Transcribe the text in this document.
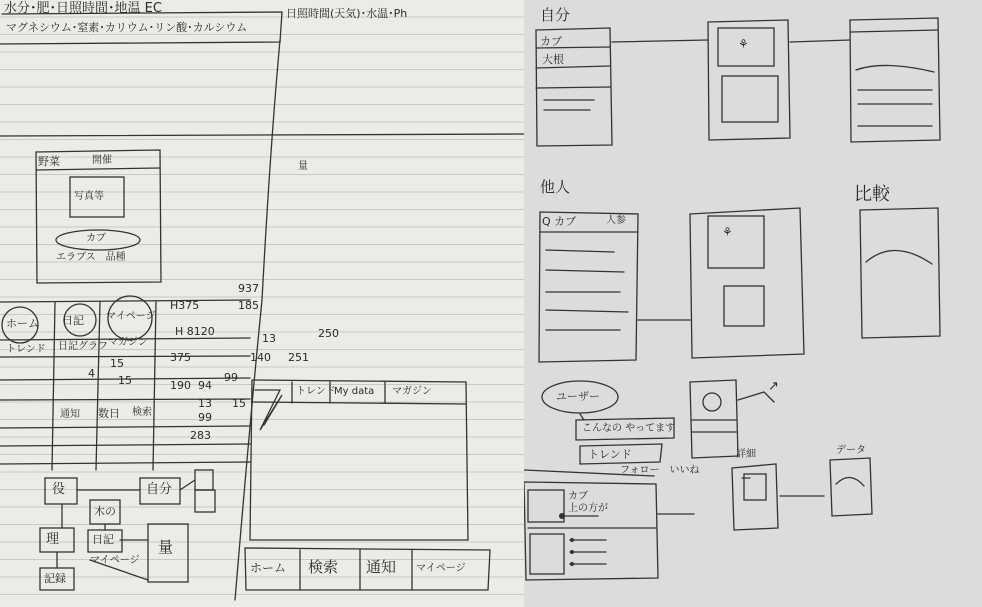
水分･肥･日照時間･地温 EC
マグネシウム･窒素･カリウム･リン酸･カルシウム
日照時間(天気)･水温･Ph
野菜	開催
写真等
カブ
エラブス　品種
量
937
H375	185
H 8120	250
13
140 251
375
15
4
15	190 94
99
13
99
15
283
ホーム 日記 マイページ
トレンド 日記グラフ マガジン
数日 検索
通知
トレンド
My data マガジン
ホーム 検索 通知 マイページ
役
木の
自分
日記	量
理
マイページ
記録
自分
カブ
大根
他人
Q カブ	人参
比較
ユーザー
こんなの やってます
トレンド
フォロー　いいね
詳細	データ
カブ
上の方が
⚘
⚘
↗
